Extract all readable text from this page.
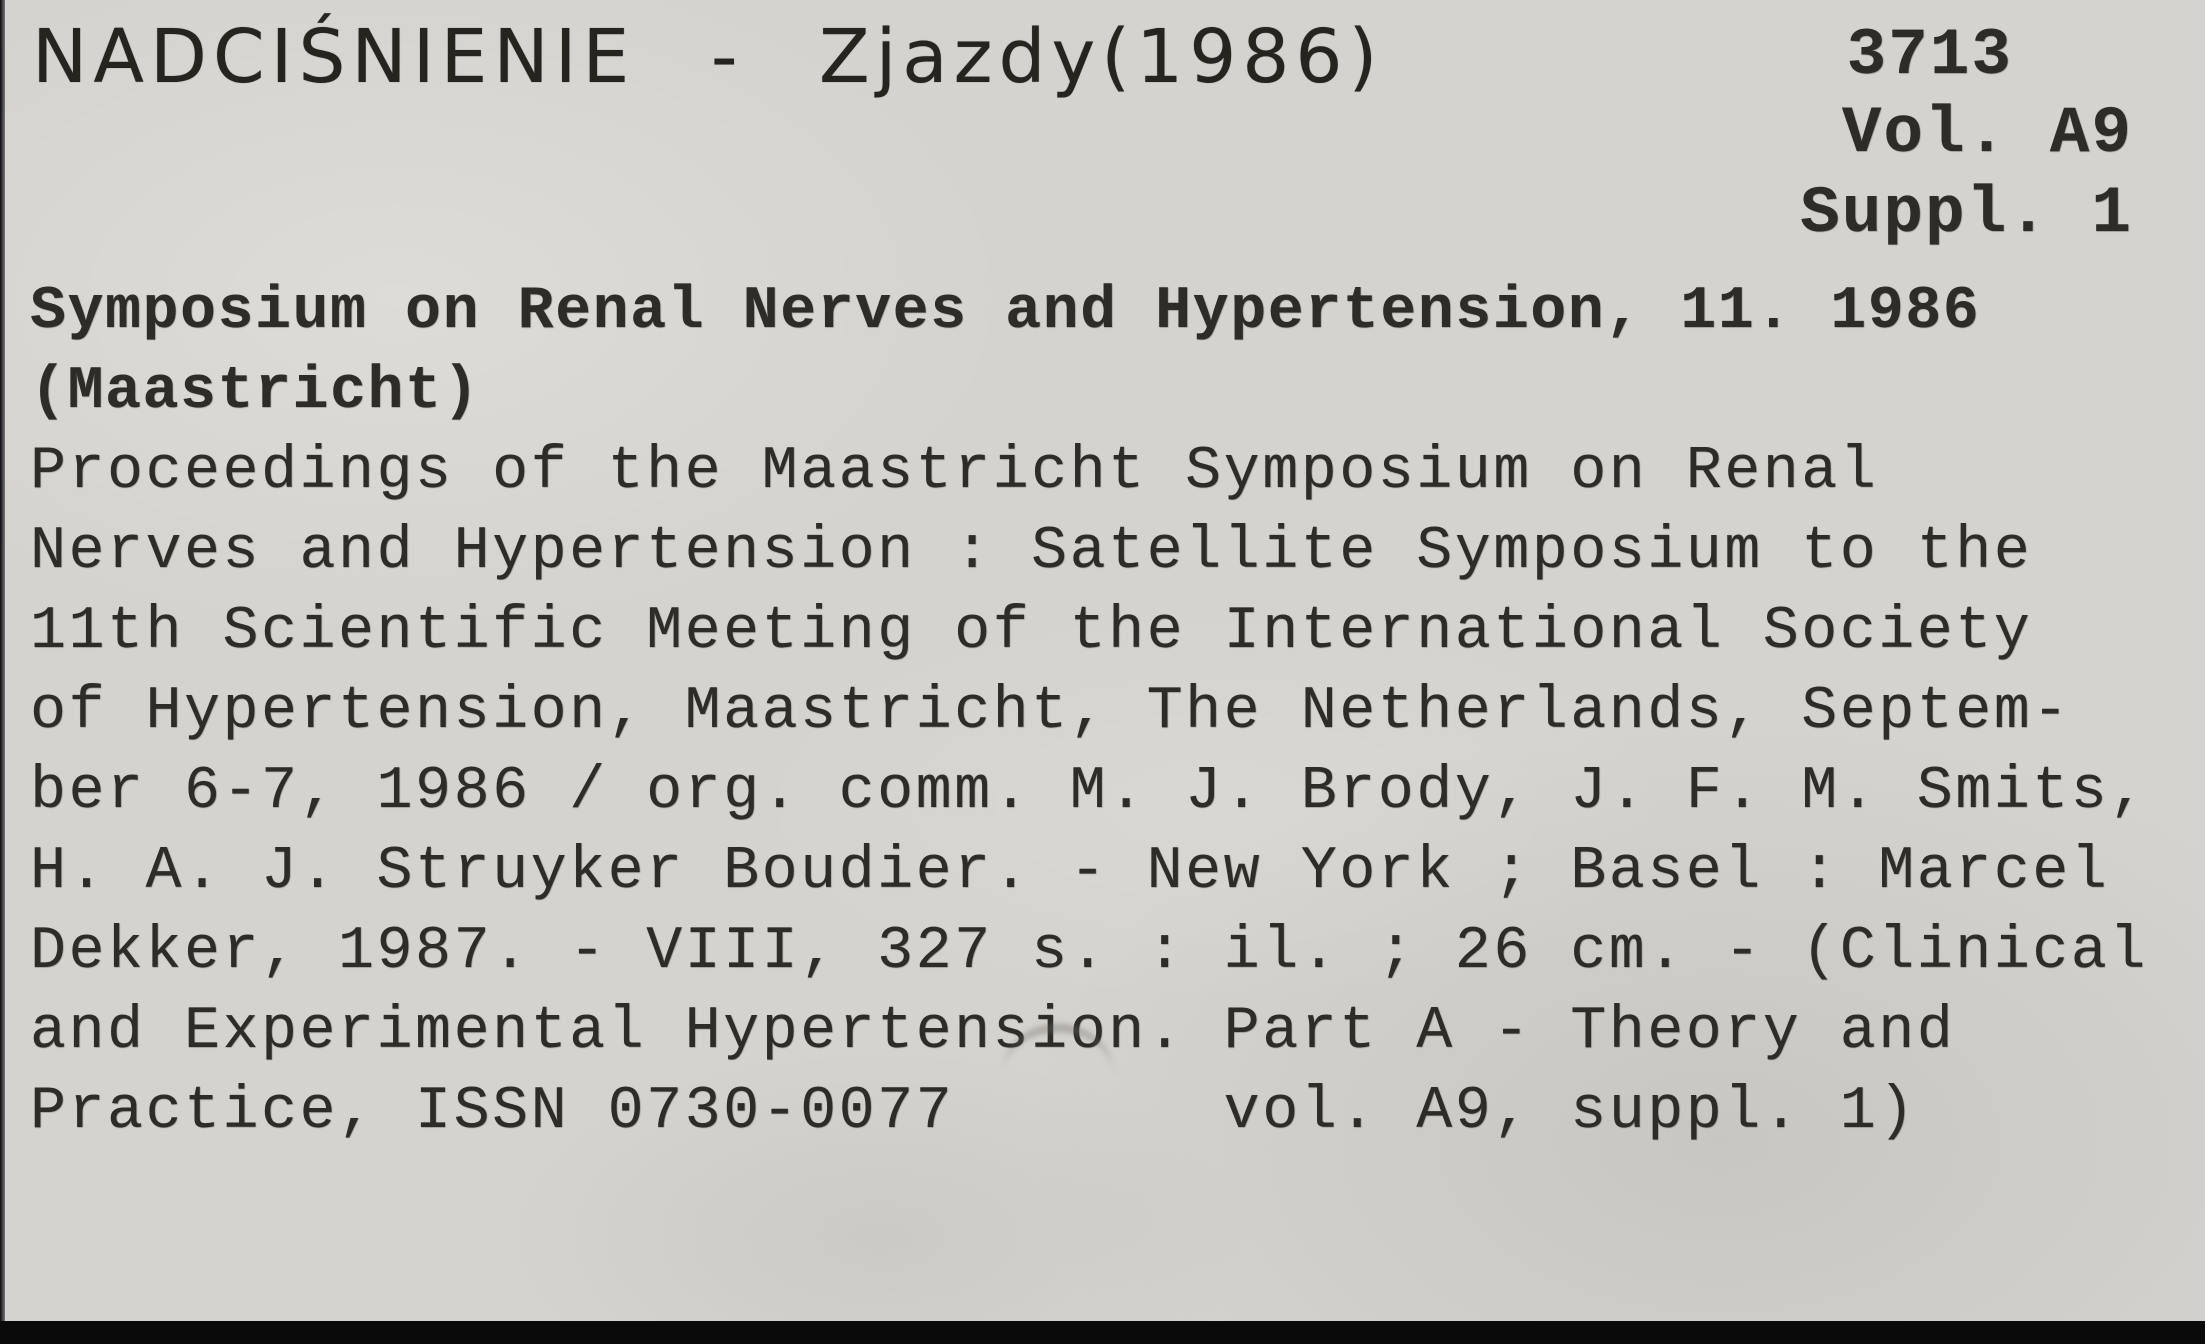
NADCIŚNIENIE - Zjazdy(1986)	3713
Vol. A9
Suppl. 1
Symposium on Renal Nerves and Hypertension, 11. 1986
(Maastricht)
Proceedings of the Maastricht Symposium on Renal
Nerves and Hypertension : Satellite Symposium to the
11th Scientific Meeting of the International Society
of Hypertension, Maastricht, The Netherlands, Septem-
ber 6-7, 1986 / org. comm. M. J. Brody, J. F. M. Smits,
H. A. J. Struyker Boudier. - New York ; Basel : Marcel
Dekker, 1987. - VIII, 327 s. : il. ; 26 cm. - (Clinical
and Experimental Hypertension. Part A - Theory and
Practice, ISSN 0730-0077       vol. A9, suppl. 1)
